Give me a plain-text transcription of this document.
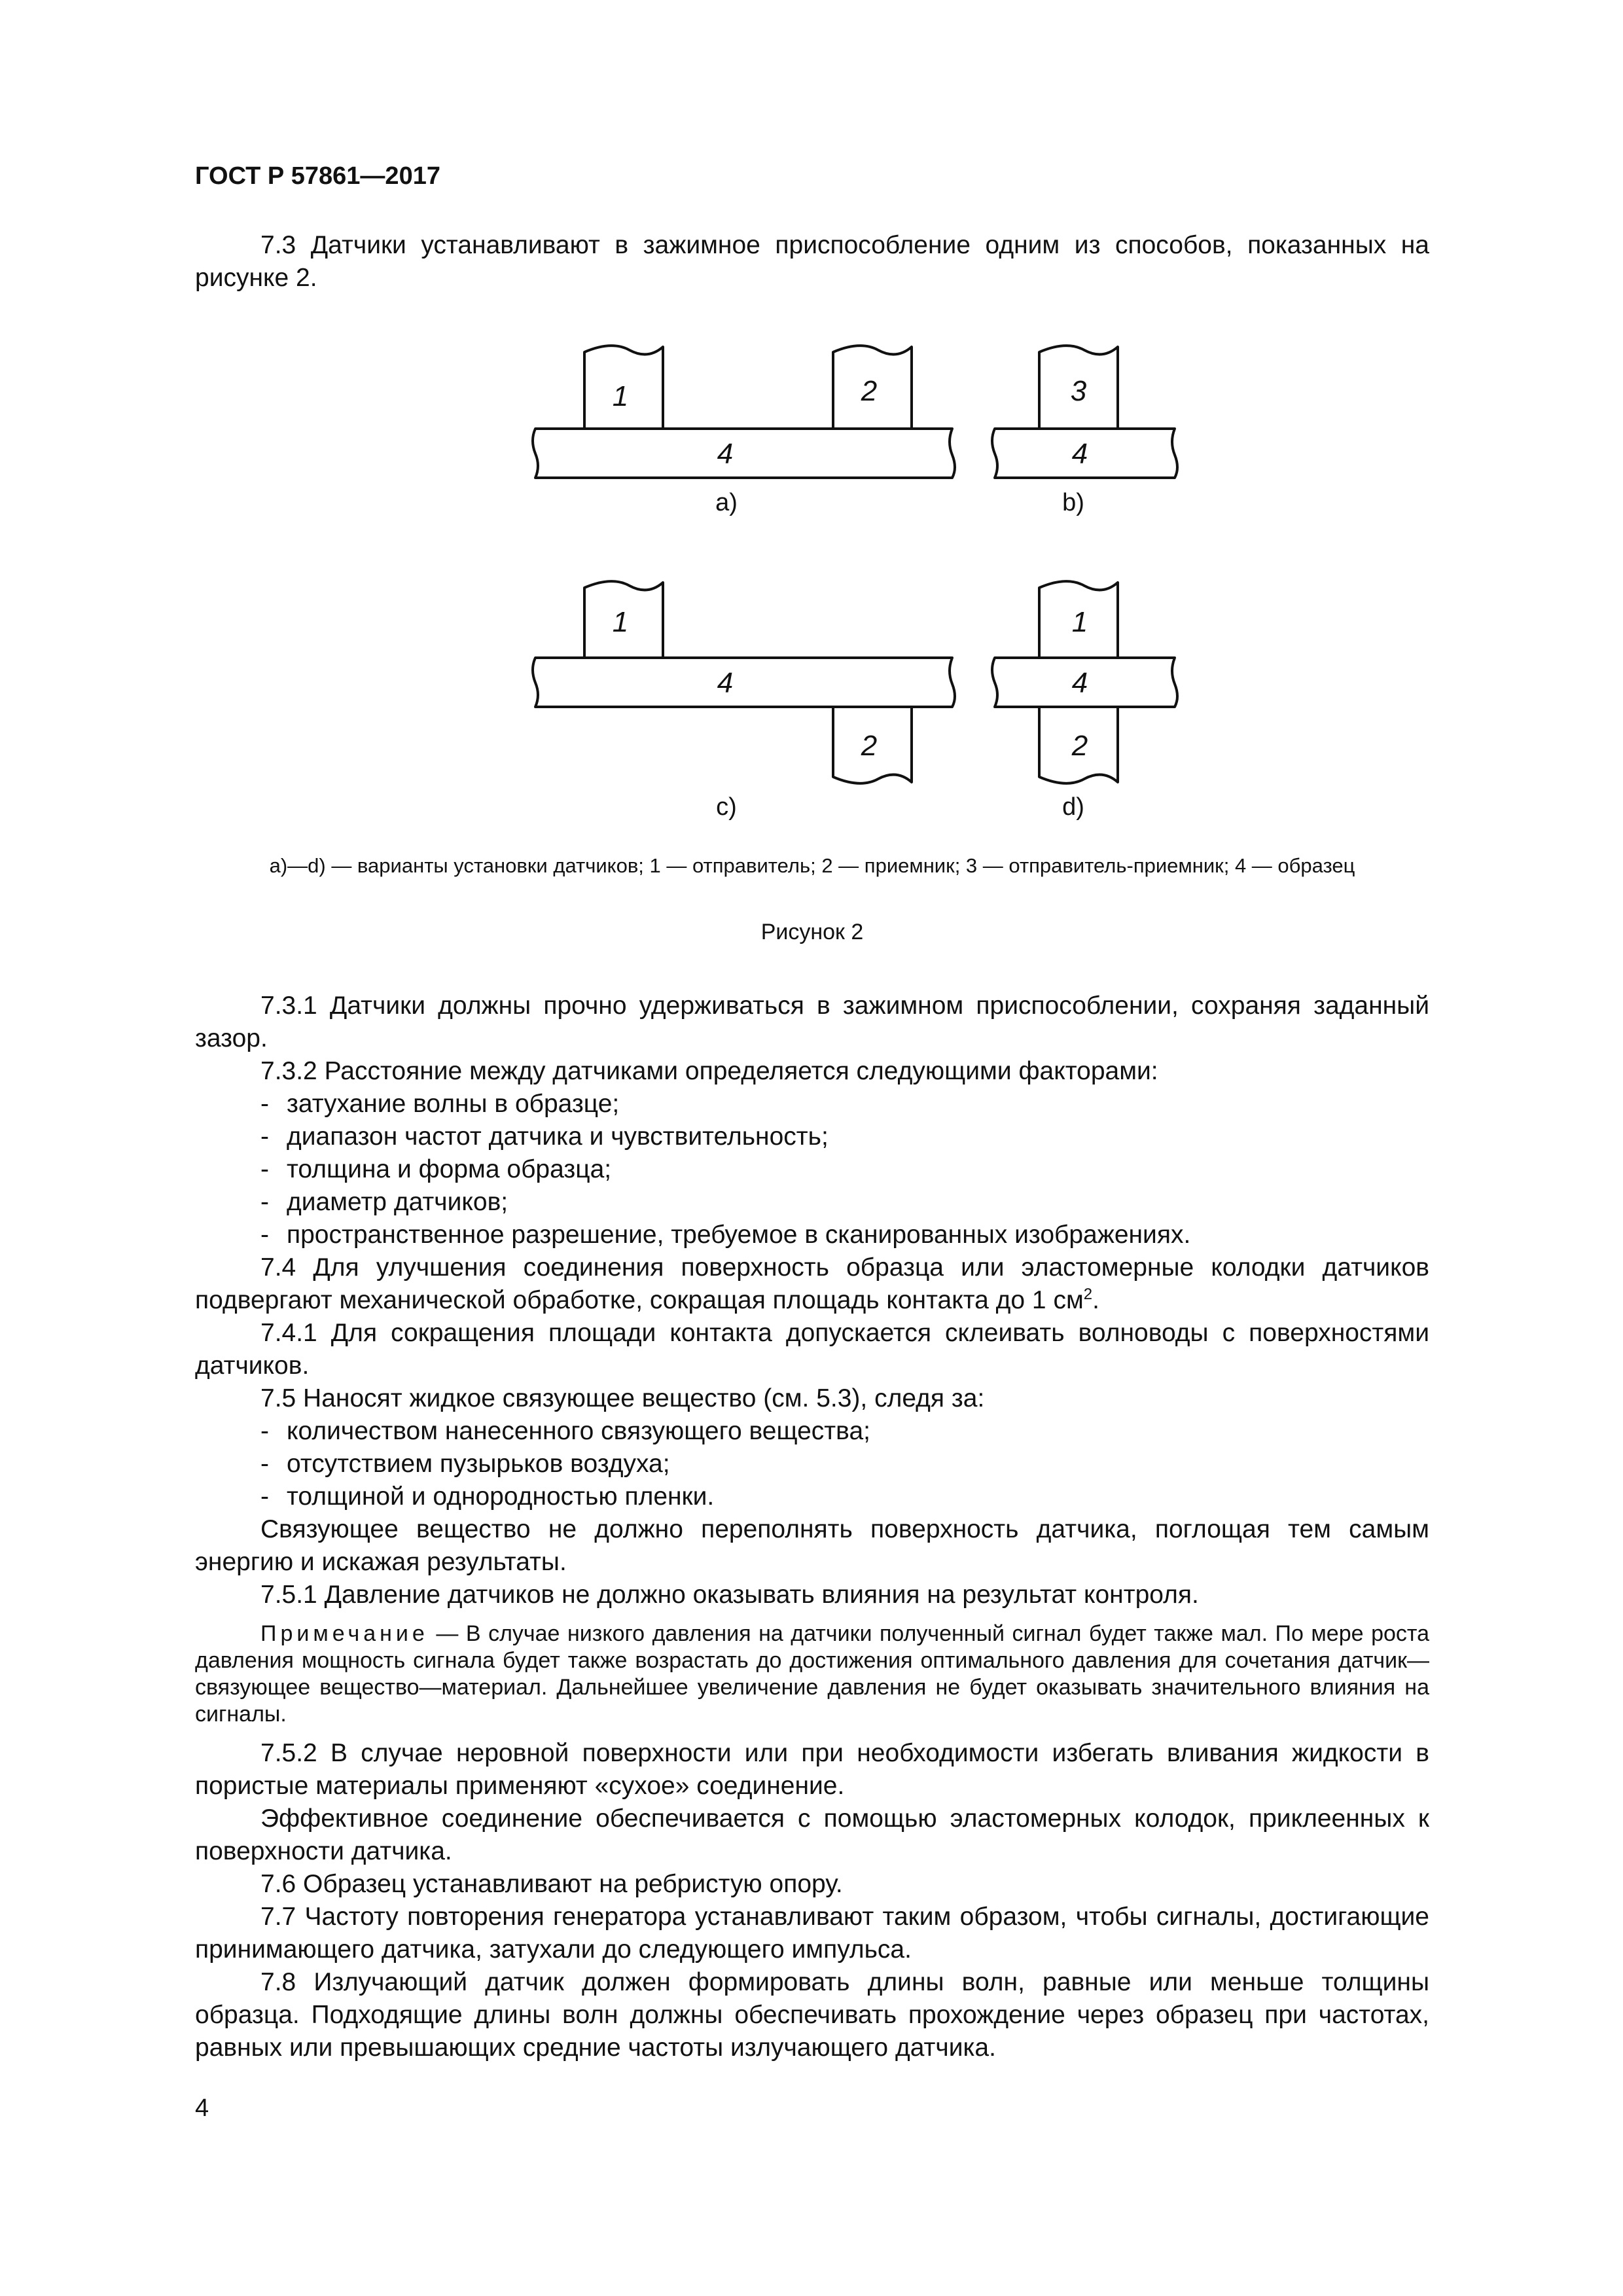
ГОСТ Р 57861—2017

7.3 Датчики устанавливают в зажимное приспособление одним из способов, показанных на рисунке 2.

1	2
4
3
4
1
4
2
1
4
2
а)	b)
c)	d)
а)—d) — варианты установки датчиков; 1 — отправитель; 2 — приемник; 3 — отправитель-приемник; 4 — образец
Рисунок 2

7.3.1 Датчики должны прочно удерживаться в зажимном приспособлении, сохраняя заданный зазор.

7.3.2 Расстояние между датчиками определяется следующими факторами:

- затухание волны в образце;

- диапазон частот датчика и чувствительность;

- толщина и форма образца;

- диаметр датчиков;

- пространственное разрешение, требуемое в сканированных изображениях.

7.4 Для улучшения соединения поверхность образца или эластомерные колодки датчиков подвергают механической обработке, сокращая площадь контакта до 1 $см^2$.

7.4.1 Для сокращения площади контакта допускается склеивать волноводы с поверхностями датчиков.

7.5 Наносят жидкое связующее вещество (см. 5.3), следя за:

- количеством нанесенного связующего вещества;

- отсутствием пузырьков воздуха;

- толщиной и однородностью пленки.

Связующее вещество не должно переполнять поверхность датчика, поглощая тем самым энергию и искажая результаты.

7.5.1 Давление датчиков не должно оказывать влияния на результат контроля.

Примечание — В случае низкого давления на датчики полученный сигнал будет также мал. По мере роста давления мощность сигнала будет также возрастать до достижения оптимального давления для сочетания датчик—связующее вещество—материал. Дальнейшее увеличение давления не будет оказывать значительного влияния на сигналы.

7.5.2 В случае неровной поверхности или при необходимости избегать вливания жидкости в пористые материалы применяют «сухое» соединение.

Эффективное соединение обеспечивается с помощью эластомерных колодок, приклеенных к поверхности датчика.

7.6 Образец устанавливают на ребристую опору.

7.7 Частоту повторения генератора устанавливают таким образом, чтобы сигналы, достигающие принимающего датчика, затухали до следующего импульса.

7.8 Излучающий датчик должен формировать длины волн, равные или меньше толщины образца. Подходящие длины волн должны обеспечивать прохождение через образец при частотах, равных или превышающих средние частоты излучающего датчика.

4
